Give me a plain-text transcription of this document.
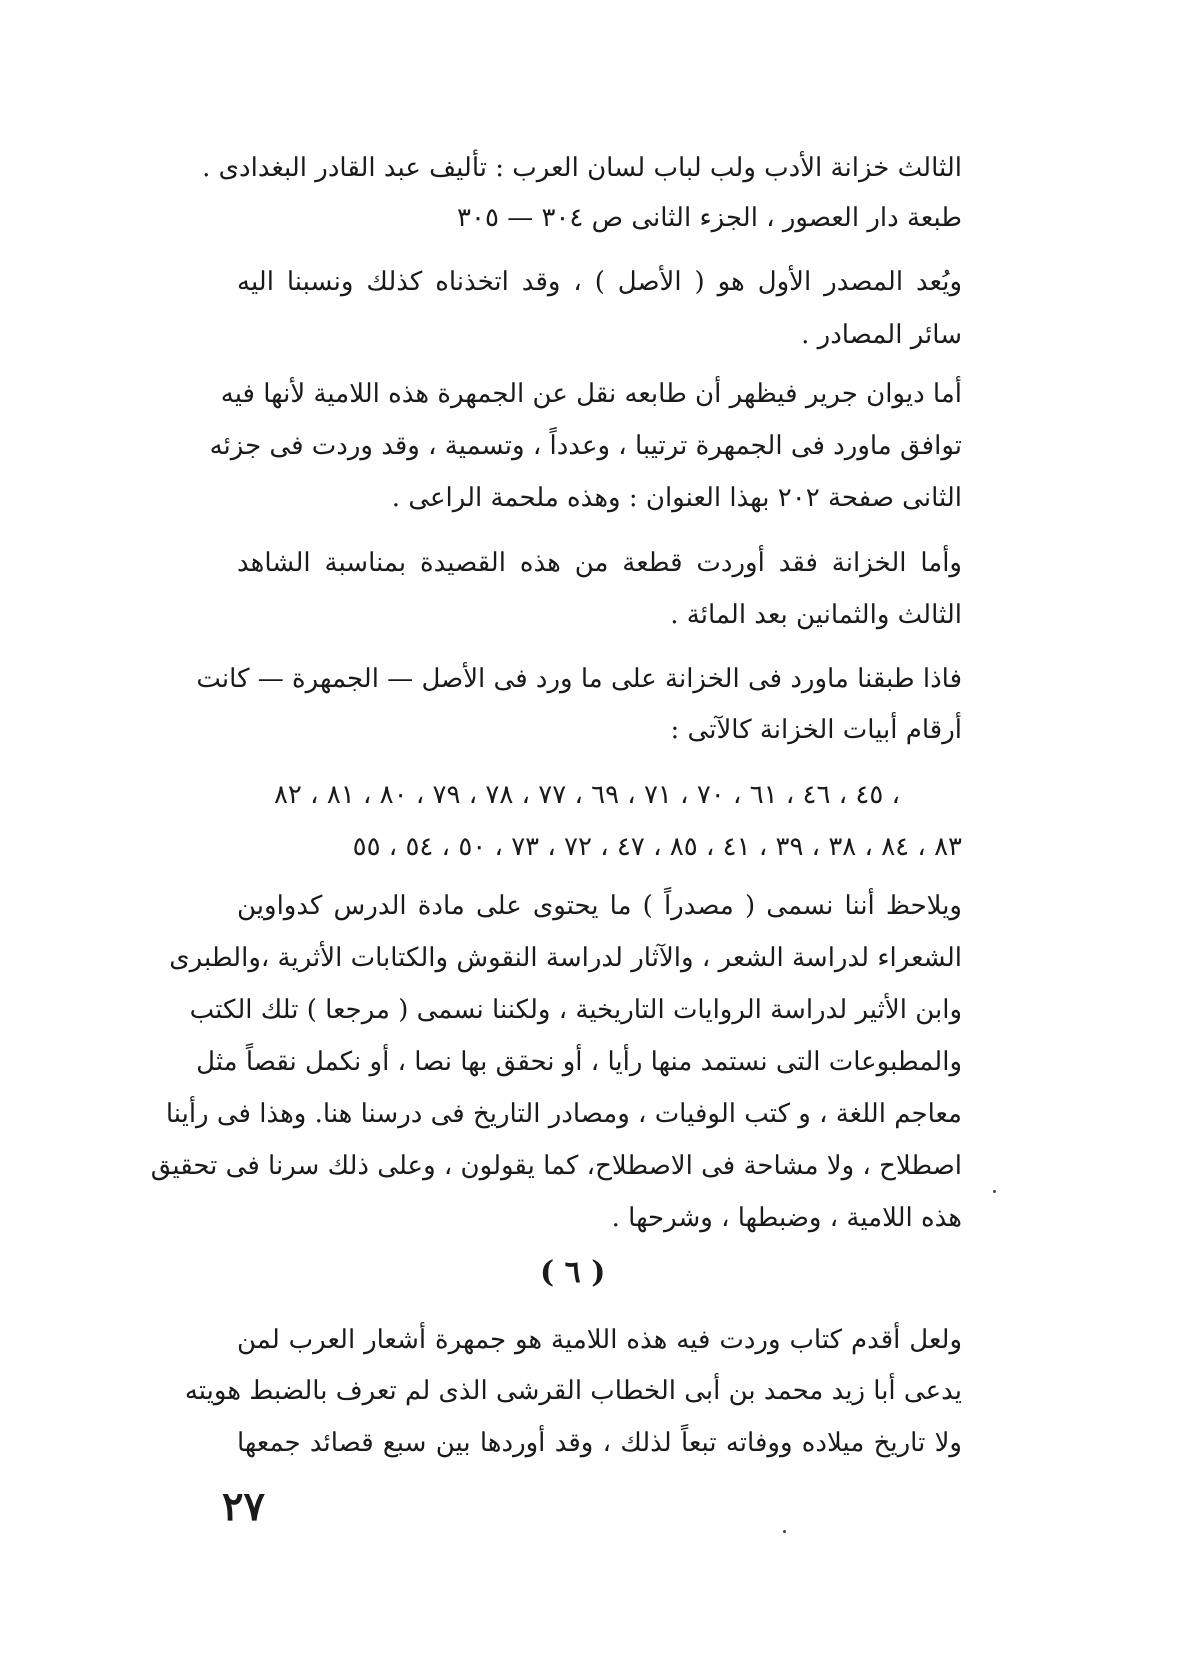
الثالث خزانة الأدب ولب لباب لسان العرب : تأليف عبد القادر البغدادى .
طبعة دار العصور ، الجزء الثانى ص ٣٠٤ — ٣٠٥
ويُعد المصدر الأول هو ( الأصل ) ، وقد اتخذناه كذلك ونسبنا اليه
سائر المصادر .
أما ديوان جرير فيظهر أن طابعه نقل عن الجمهرة هذه اللامية لأنها فيه
توافق ماورد فى الجمهرة ترتيبا ، وعدداً ، وتسمية ، وقد وردت فى جزئه
الثانى صفحة ٢٠٢ بهذا العنوان : وهذه ملحمة الراعى .
وأما الخزانة فقد أوردت قطعة من هذه القصيدة بمناسبة الشاهد
الثالث والثمانين بعد المائة .
فاذا طبقنا ماورد فى الخزانة على ما ورد فى الأصل — الجمهرة — كانت
أرقام أبيات الخزانة كالآتى :
٤٥ ، ٤٦ ، ٦١ ، ٧٠ ، ٧١ ، ٦٩ ، ٧٧ ، ٧٨ ، ٧٩ ، ٨٠ ، ٨١ ، ٨٢ ،
٨٣ ، ٨٤ ، ٣٨ ، ٣٩ ، ٤١ ، ٨٥ ، ٤٧ ، ٧٢ ، ٧٣ ، ٥٠ ، ٥٤ ، ٥٥
ويلاحظ أننا نسمى ( مصدراً ) ما يحتوى على مادة الدرس كدواوين
الشعراء لدراسة الشعر ، والآثار لدراسة النقوش والكتابات الأثرية ،والطبرى
وابن الأثير لدراسة الروايات التاريخية ، ولكننا نسمى ( مرجعا ) تلك الكتب
والمطبوعات التى نستمد منها رأيا ، أو نحقق بها نصا ، أو نكمل نقصاً مثل
معاجم اللغة ، و كتب الوفيات ، ومصادر التاريخ فى درسنا هنا. وهذا فى رأينا
اصطلاح ، ولا مشاحة فى الاصطلاح، كما يقولون ، وعلى ذلك سرنا فى تحقيق
هذه اللامية ، وضبطها ، وشرحها .
( ٦ )
ولعل أقدم كتاب وردت فيه هذه اللامية هو جمهرة أشعار العرب لمن
يدعى أبا زيد محمد بن أبى الخطاب القرشى الذى لم تعرف بالضبط هويته
ولا تاريخ ميلاده ووفاته تبعاً لذلك ، وقد أوردها بين سبع قصائد جمعها
٢٧
